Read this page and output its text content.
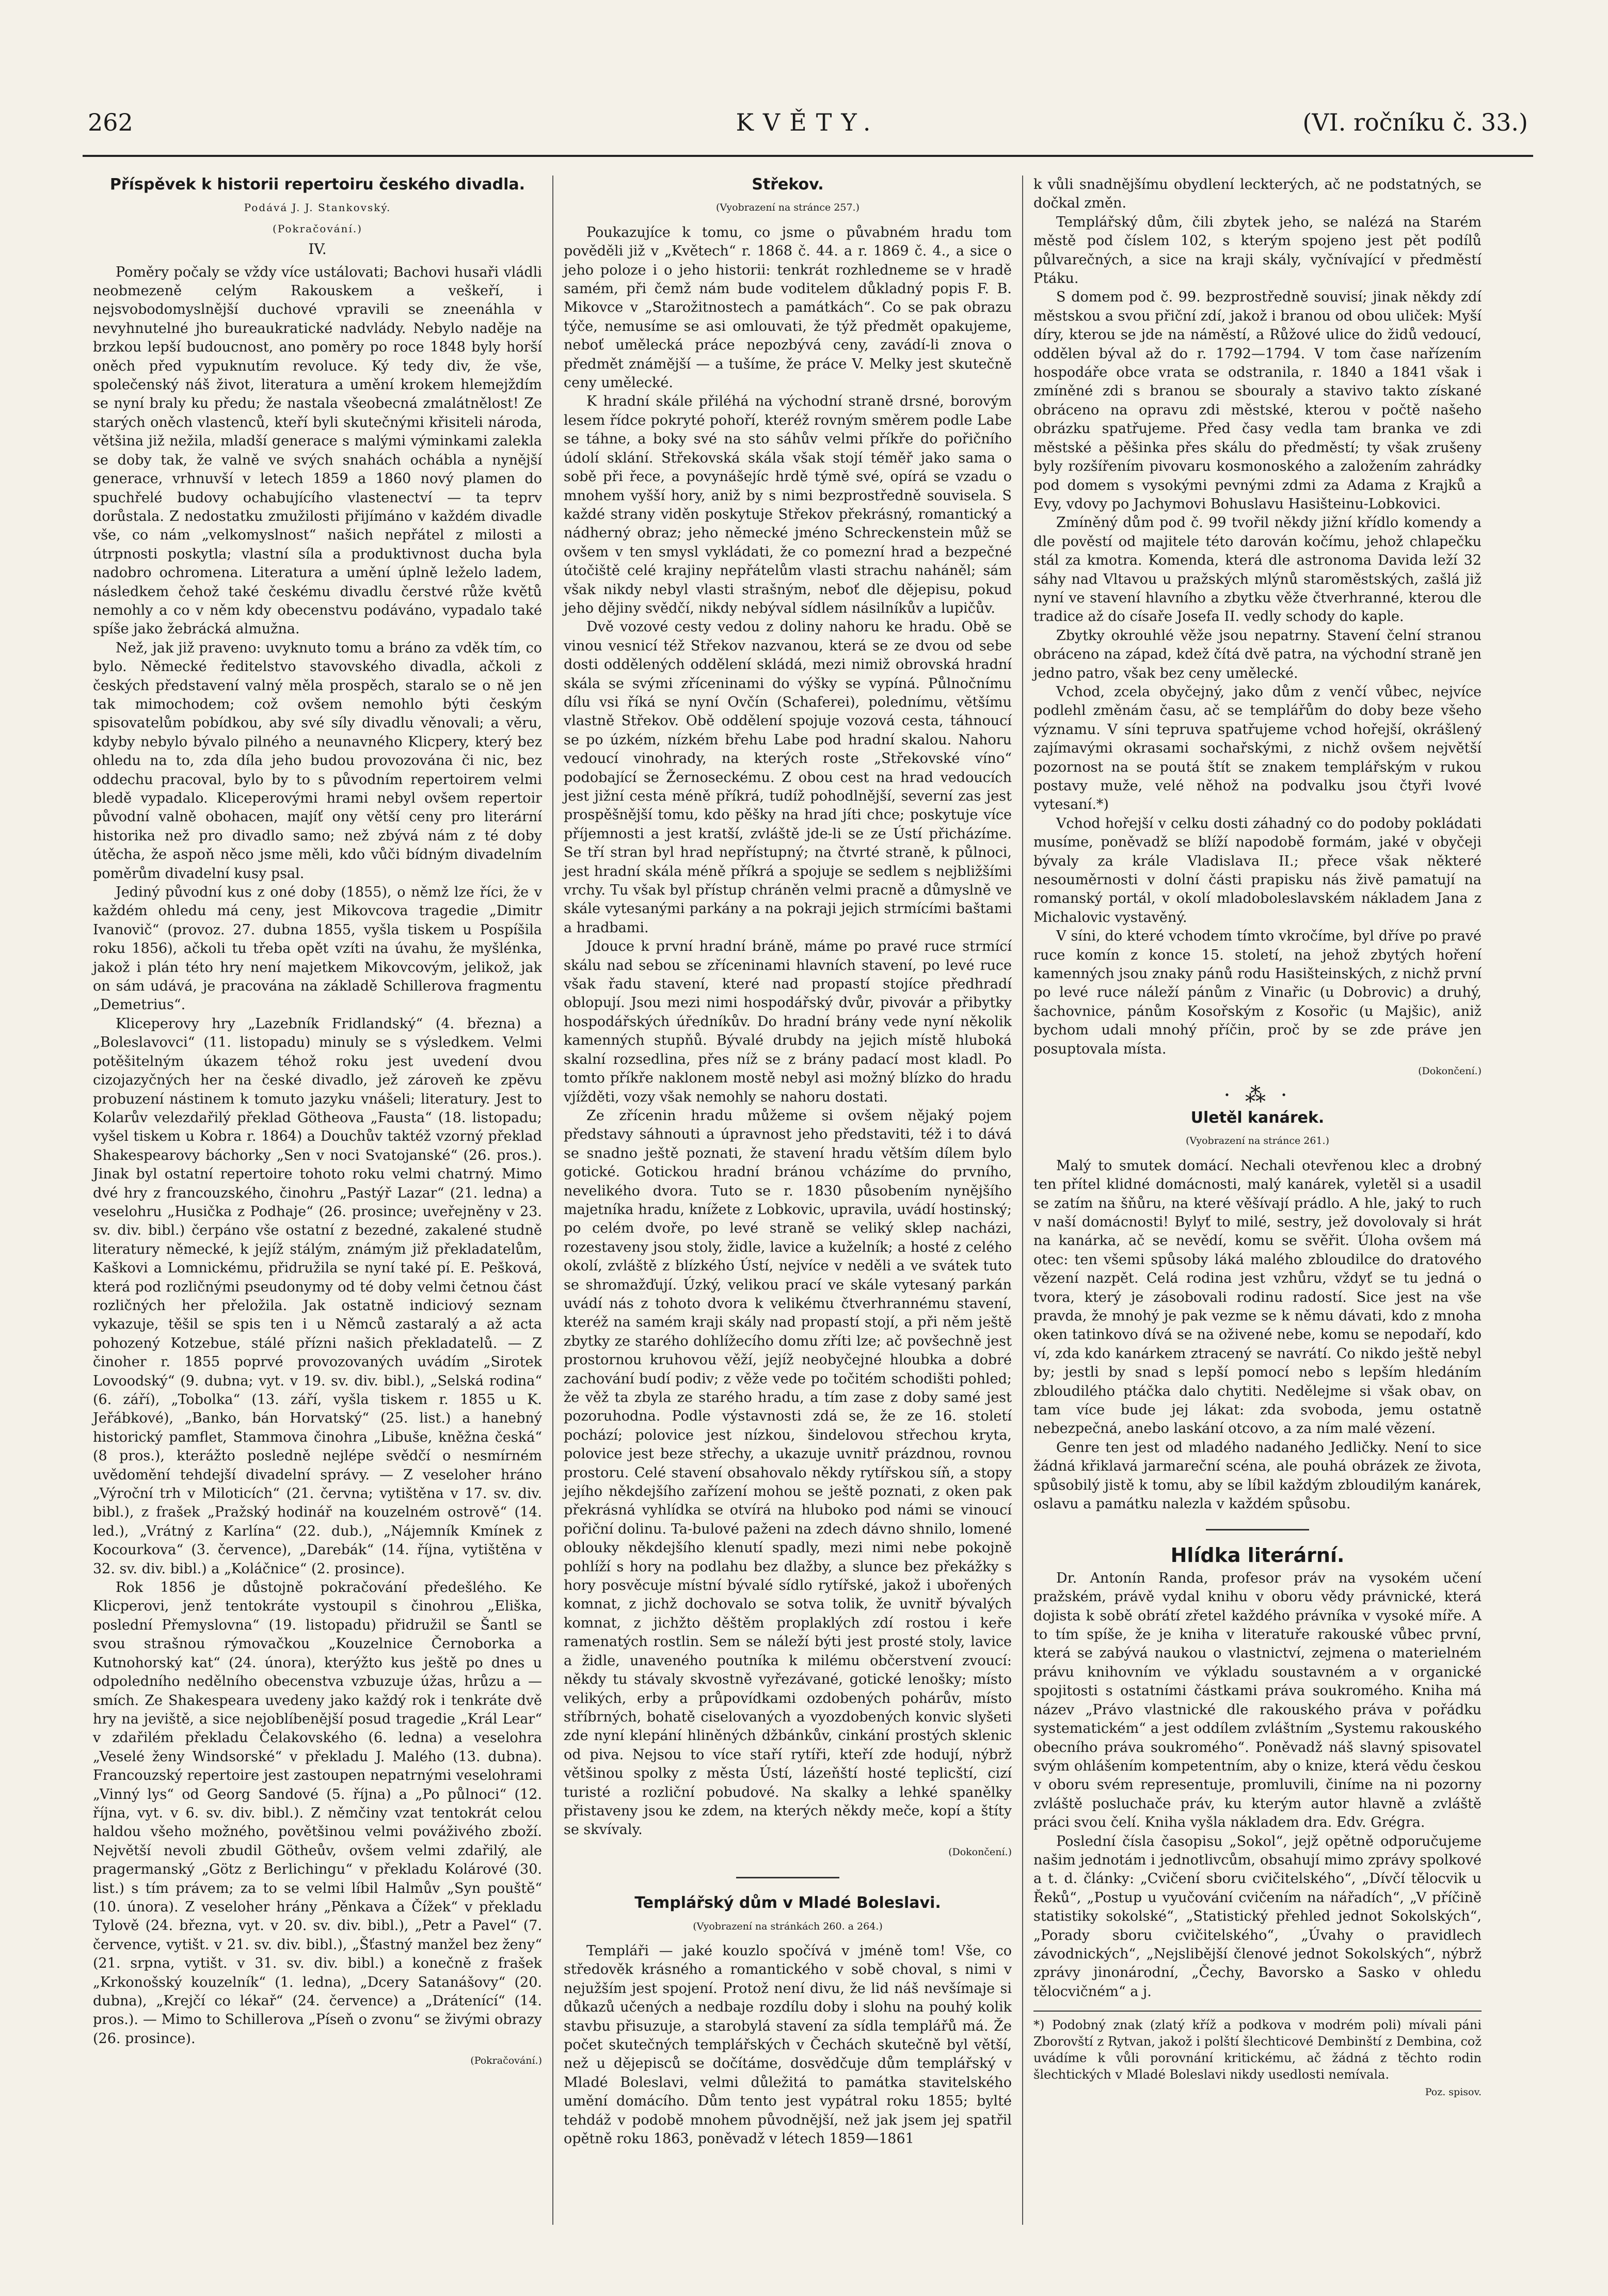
262	KVĚTY.	(VI. ročníku č. 33.)
Příspěvek k historii repertoiru českého divadla.
Podává J. J. Stankovský.
(Pokračování.)
IV.

Poměry počaly se vždy více ustálovati; Bachovi husaři vládli neobmezeně celým Rakouskem a veškeří, i nejsvobodomyslnější duchové vpravili se zneenáhla v nevyhnutelné jho bureaukratické nadvlády. Nebylo naděje na brzkou lepší budoucnost, ano poměry po roce 1848 byly horší oněch před vypuknutím revoluce. Ký tedy div, že vše, společenský náš život, literatura a umění krokem hlemejždím se nyní braly ku předu; že nastala všeobecná zmalátnělost! Ze starých oněch vlastenců, kteří byli skutečnými křisiteli národa, většina již nežila, mladší generace s malými výminkami zalekla se doby tak, že valně ve svých snahách ochábla a nynější generace, vrhnuvší v letech 1859 a 1860 nový plamen do spuchřelé budovy ochabujícího vlastenectví — ta teprv dorůstala. Z nedostatku zmužilosti přijímáno v každém divadle vše, co nám „velkomyslnost“ našich nepřátel z milosti a útrpnosti poskytla; vlastní síla a produktivnost ducha byla nadobro ochromena. Literatura a umění úplně leželo ladem, následkem čehož také českému divadlu čerstvé růže květů nemohly a co v něm kdy obecenstvu podáváno, vypadalo také spíše jako žebrácká almužna.

Než, jak již praveno: uvyknuto tomu a bráno za vděk tím, co bylo. Německé ředitelstvo stavovského divadla, ačkoli z českých představení valný měla prospěch, staralo se o ně jen tak mimochodem; což ovšem nemohlo býti českým spisovatelům pobídkou, aby své síly divadlu věnovali; a věru, kdyby nebylo bývalo pilného a neunavného Klicpery, který bez ohledu na to, zda díla jeho budou provozována či nic, bez oddechu pracoval, bylo by to s původním repertoirem velmi bledě vypadalo. Kliceperovými hrami nebyl ovšem repertoir původní valně obohacen, majíť ony větší ceny pro literární historika než pro divadlo samo; než zbývá nám z té doby útěcha, že aspoň něco jsme měli, kdo vůči bídným divadelním poměrům divadelní kusy psal.

Jediný původní kus z oné doby (1855), o němž lze říci, že v každém ohledu má ceny, jest Mikovcova tragedie „Dimitr Ivanovič“ (provoz. 27. dubna 1855, vyšla tiskem u Pospíšila roku 1856), ačkoli tu třeba opět vzíti na úvahu, že myšlénka, jakož i plán této hry není majetkem Mikovcovým, jelikož, jak on sám udává, je pracována na základě Schillerova fragmentu „Demetrius“.

Kliceperovy hry „Lazebník Fridlandský“ (4. března) a „Boleslavovci“ (11. listopadu) minuly se s výsledkem. Velmi potěšitelným úkazem téhož roku jest uvedení dvou cizojazyčných her na české divadlo, jež zároveň ke zpěvu probuzení nástinem k tomuto jazyku vnášeli; literatury. Jest to Kolarův velezdařilý překlad Götheova „Fausta“ (18. listopadu; vyšel tiskem u Kobra r. 1864) a Douchův taktéž vzorný překlad Shakespearovy báchorky „Sen v noci Svatojanské“ (26. pros.). Jinak byl ostatní repertoire tohoto roku velmi chatrný. Mimo dvé hry z francouzského, činohru „Pastýř Lazar“ (21. ledna) a veselohru „Husička z Podhaje“ (26. prosince; uveřejněny v 23. sv. div. bibl.) čerpáno vše ostatní z bezedné, zakalené studně literatury německé, k jejíž stálým, známým již překladatelům, Kaškovi a Lomnickému, přidružila se nyní také pí. E. Pešková, která pod rozličnými pseudonymy od té doby velmi četnou část rozličných her přeložila. Jak ostatně indiciový seznam vykazuje, těšil se spis ten i u Němců zastaralý a až acta pohozený Kotzebue, stálé přízni našich překladatelů. — Z činoher r. 1855 poprvé provozovaných uvádím „Sirotek Lovoodský“ (9. dubna; vyt. v 19. sv. div. bibl.), „Selská rodina“ (6. září), „Tobolka“ (13. září, vyšla tiskem r. 1855 u K. Jeřábkové), „Banko, bán Horvatský“ (25. list.) a hanebný historický pamflet, Stammova činohra „Libuše, kněžna česká“ (8 pros.), kterážto posledně nejlépe svědčí o nesmírném uvědomění tehdejší divadelní správy. — Z veseloher hráno „Výroční trh v Miloticích“ (21. června; vytištěna v 17. sv. div. bibl.), z frašek „Pražský hodinář na kouzelném ostrově“ (14. led.), „Vrátný z Karlína“ (22. dub.), „Nájemník Kmínek z Kocourkova“ (3. července), „Darebák“ (14. října, vytištěna v 32. sv. div. bibl.) a „Koláčnice“ (2. prosince).

Rok 1856 je důstojně pokračování předešlého. Ke Klicperovi, jenž tentokráte vystoupil s činohrou „Eliška, poslední Přemyslovna“ (19. listopadu) přidružil se Šantl se svou strašnou rýmovačkou „Kouzelnice Černoborka a Kutnohorský kat“ (24. února), kterýžto kus ještě po dnes u odpoledního nedělního obecenstva vzbuzuje úžas, hrůzu a — smích. Ze Shakespeara uvedeny jako každý rok i tenkráte dvě hry na jeviště, a sice nejoblíbenější posud tragedie „Král Lear“ v zdařilém překladu Čelakovského (6. ledna) a veselohra „Veselé ženy Windsorské“ v překladu J. Malého (13. dubna). Francouzský repertoire jest zastoupen nepatrnými veselohrami „Vinný lys“ od Georg Sandové (5. října) a „Po půlnoci“ (12. října, vyt. v 6. sv. div. bibl.). Z němčiny vzat tentokrát celou haldou všeho možného, povětšinou velmi pováživého zboží. Největší nevoli zbudil Götheův, ovšem velmi zdařilý, ale pragermanský „Götz z Berlichingu“ v překladu Kolárové (30. list.) s tím právem; za to se velmi líbil Halmův „Syn pouště“ (10. února). Z veseloher hrány „Pěnkava a Čížek“ v překladu Tylově (24. března, vyt. v 20. sv. div. bibl.), „Petr a Pavel“ (7. července, vytišt. v 21. sv. div. bibl.), „Šťastný manžel bez ženy“ (21. srpna, vytišt. v 31. sv. div. bibl.) a konečně z frašek „Krkonošský kouzelník“ (1. ledna), „Dcery Satanášovy“ (20. dubna), „Krejčí co lékař“ (24. července) a „Drátenící“ (14. pros.). — Mimo to Schillerova „Píseň o zvonu“ se živými obrazy (26. prosince).

(Pokračování.)
Střekov.
(Vyobrazení na stránce 257.)

Poukazujíce k tomu, co jsme o půvabném hradu tom pověděli již v „Květech“ r. 1868 č. 44. a r. 1869 č. 4., a sice o jeho poloze i o jeho historii: tenkrát rozhledneme se v hradě samém, při čemž nám bude voditelem důkladný popis F. B. Mikovce v „Starožitnostech a památkách“. Co se pak obrazu týče, nemusíme se asi omlouvati, že týž předmět opakujeme, neboť umělecká práce nepozbývá ceny, zavádí-li znova o předmět známější — a tušíme, že práce V. Melky jest skutečně ceny umělecké.

K hradní skále přiléhá na východní straně drsné, borovým lesem řídce pokryté pohoří, kteréž rovným směrem podle Labe se táhne, a boky své na sto sáhův velmi příkře do pořičního údolí sklání. Střekovská skála však stojí téměř jako sama o sobě při řece, a povynášejíc hrdě týmě své, opírá se vzadu o mnohem vyšší hory, aniž by s nimi bezprostředně souvisela. S každé strany viděn poskytuje Střekov překrásný, romantický a nádherný obraz; jeho německé jméno Schreckenstein můž se ovšem v ten smysl vykládati, že co pomezní hrad a bezpečné útočiště celé krajiny nepřátelům vlasti strachu naháněl; sám však nikdy nebyl vlasti strašným, neboť dle dějepisu, pokud jeho dějiny svědčí, nikdy nebýval sídlem násilníkův a lupičův.

Dvě vozové cesty vedou z doliny nahoru ke hradu. Obě se vinou vesnicí též Střekov nazvanou, která se ze dvou od sebe dosti oddělených oddělení skládá, mezi nimiž obrovská hradní skála se svými zříceninami do výšky se vypíná. Půlnočnímu dílu vsi říká se nyní Ovčín (Schaferei), polednímu, většímu vlastně Střekov. Obě oddělení spojuje vozová cesta, táhnoucí se po úzkém, nízkém břehu Labe pod hradní skalou. Nahoru vedoucí vinohrady, na kterých roste „Střekovské víno“ podobající se Žernoseckému. Z obou cest na hrad vedoucích jest jižní cesta méně příkrá, tudíž pohodlnější, severní zas jest prospěšnější tomu, kdo pěšky na hrad jíti chce; poskytuje více příjemnosti a jest kratší, zvláště jde-li se ze Ústí přicházíme. Se tří stran byl hrad nepřístupný; na čtvrté straně, k půlnoci, jest hradní skála méně příkrá a spojuje se sedlem s nejbližšími vrchy. Tu však byl přístup chráněn velmi pracně a důmyslně ve skále vytesanými parkány a na pokraji jejich strmícími baštami a hradbami.

Jdouce k první hradní bráně, máme po pravé ruce strmící skálu nad sebou se zříceninami hlavních stavení, po levé ruce však řadu stavení, které nad propastí stojíce předhradí oblopují. Jsou mezi nimi hospodářský dvůr, pivovár a přibytky hospodářských úředníkův. Do hradní brány vede nyní několik kamenných stupňů. Bývalé drubdy na jejich místě hluboká skalní rozsedlina, přes níž se z brány padací most kladl. Po tomto příkře naklonem mostě nebyl asi možný blízko do hradu vjížděti, vozy však nemohly se nahoru dostati.

Ze zřícenin hradu můžeme si ovšem nějaký pojem představy sáhnouti a úpravnost jeho představiti, též i to dává se snadno ještě poznati, že stavení hradu větším dílem bylo gotické. Gotickou hradní bránou vcházíme do prvního, nevelikého dvora. Tuto se r. 1830 působením nynějšího majetníka hradu, knížete z Lobkovic, upravila, uvádí hostinský; po celém dvoře, po levé straně se veliký sklep nacházi, rozestaveny jsou stoly, židle, lavice a kuželník; a hosté z celého okolí, zvláště z blízkého Ústí, nejvíce v neděli a ve svátek tuto se shromažďují. Úzký, velikou prací ve skále vytesaný parkán uvádí nás z tohoto dvora k velikému čtverhrannému stavení, kteréž na samém kraji skály nad propastí stojí, a při něm ještě zbytky ze starého dohlížecího domu zříti lze; ač povšechně jest prostornou kruhovou věží, jejíž neobyčejné hloubka a dobré zachování budí podiv; z věže vede po točitém schodišti pohled; že věž ta zbyla ze starého hradu, a tím zase z doby samé jest pozoruhodna. Podle výstavnosti zdá se, že ze 16. století pochází; polovice jest nízkou, šindelovou střechou kryta, polovice jest beze střechy, a ukazuje uvnitř prázdnou, rovnou prostoru. Celé stavení obsahovalo někdy rytířskou síň, a stopy jejího někdejšího zařízení mohou se ještě poznati, z oken pak překrásná vyhlídka se otvírá na hluboko pod námi se vinoucí pořiční dolinu. Ta-bulové paženi na zdech dávno shnilo, lomené oblouky někdejšího klenutí spadly, mezi nimi nebe pokojně pohlíží s hory na podlahu bez dlažby, a slunce bez překážky s hory posvěcuje místní bývalé sídlo rytířské, jakož i ubořených komnat, z jichž dochovalo se sotva tolik, že uvnitř bývalých komnat, z jichžto děštěm proplaklých zdí rostou i keře ramenatých rostlin. Sem se náleží býti jest prosté stoly, lavice a židle, unaveného poutníka k milému občerstvení zvoucí: někdy tu stávaly skvostně vyřezávané, gotické lenošky; místo velikých, erby a průpovídkami ozdobených pohárův, místo stříbrných, bohatě ciselovaných a vyozdobených konvic slyšeti zde nyní klepání hliněných džbánkův, cinkání prostých sklenic od piva. Nejsou to více staří rytíři, kteří zde hodují, nýbrž většinou spolky z města Ústí, lázeňští hosté teplicští, cizí turisté a rozliční pobudové. Na skalky a lehké spanělky přistaveny jsou ke zdem, na kterých někdy meče, kopí a štíty se skvívaly.

(Dokončení.)
Templářský dům v Mladé Boleslavi.
(Vyobrazení na stránkách 260. a 264.)

Templáři — jaké kouzlo spočívá v jméně tom! Vše, co středověk krásného a romantického v sobě choval, s nimi v nejužším jest spojení. Protož není divu, že lid náš nevšímaje si důkazů učených a nedbaje rozdílu doby i slohu na pouhý kolik stavbu přisuzuje, a starobylá stavení za sídla templářů má. Že počet skutečných templářských v Čechách skutečně byl větší, než u dějepisců se dočítáme, dosvědčuje dům templářský v Mladé Boleslavi, velmi důležitá to památka stavitelského umění domácího. Dům tento jest vypátral roku 1855; bylté tehdáž v podobě mnohem původnější, než jak jsem jej spatřil opětně roku 1863, poněvadž v létech 1859—1861

k vůli snadnějšímu obydlení leckterých, ač ne podstatných, se dočkal změn.

Templářský dům, čili zbytek jeho, se nalézá na Starém městě pod číslem 102, s kterým spojeno jest pět podílů půlvarečných, a sice na kraji skály, vyčnívající v předměstí Ptáku.

S domem pod č. 99. bezprostředně souvisí; jinak někdy zdí městskou a svou přiční zdí, jakož i branou od obou uliček: Myší díry, kterou se jde na náměstí, a Růžové ulice do židů vedoucí, oddělen býval až do r. 1792—1794. V tom čase nařízením hospodáře obce vrata se odstranila, r. 1840 a 1841 však i zmíněné zdi s branou se sbouraly a stavivo takto získané obráceno na opravu zdi městské, kterou v počtě našeho obrázku spatřujeme. Před časy vedla tam branka ve zdi městské a pěšinka přes skálu do předměstí; ty však zrušeny byly rozšířením pivovaru kosmonoského a založením zahrádky pod domem s vysokými pevnými zdmi za Adama z Krajků a Evy, vdovy po Jachymovi Bohuslavu Hasišteinu-Lobkovici.

Zmíněný dům pod č. 99 tvořil někdy jižní křídlo komendy a dle pověstí od majitele této darován kočímu, jehož chlapečku stál za kmotra. Komenda, která dle astronoma Davida leží 32 sáhy nad Vltavou u pražských mlýnů staroměstských, zašlá již nyní ve stavení hlavního a zbytku věže čtverhranné, kterou dle tradice až do císaře Josefa II. vedly schody do kaple.

Zbytky okrouhlé věže jsou nepatrny. Stavení čelní stranou obráceno na západ, kdež čítá dvě patra, na východní straně jen jedno patro, však bez ceny umělecké.

Vchod, zcela obyčejný, jako dům z venčí vůbec, nejvíce podlehl změnám času, ač se templářům do doby beze všeho významu. V síni tepruva spatřujeme vchod hořejší, okrášlený zajímavými okrasami sochařskými, z nichž ovšem největší pozornost na se poutá štít se znakem templářským v rukou postavy muže, velé něhož na podvalku jsou čtyři lvové vytesaní.*)

Vchod hořejší v celku dosti záhadný co do podoby pokládati musíme, poněvadž se blíží napodobě formám, jaké v obyčeji bývaly za krále Vladislava II.; přece však některé nesouměrnosti v dolní části prapisku nás živě pamatují na romanský portál, v okolí mladoboleslavském nákladem Jana z Michalovic vystavěný.

V síni, do které vchodem tímto vkročíme, byl dříve po pravé ruce komín z konce 15. století, na jehož zbytých hoření kamenných jsou znaky pánů rodu Hasišteinských, z nichž první po levé ruce náleží pánům z Vinařic (u Dobrovic) a druhý, šachovnice, pánům Kosořským z Kosořic (u Majšic), aniž bychom udali mnohý příčin, proč by se zde práve jen posuptovala místa.

(Dokončení.)
· ⁂ ·
Uletěl kanárek.
(Vyobrazení na stránce 261.)

Malý to smutek domácí. Nechali otevřenou klec a drobný ten přítel klidné domácnosti, malý kanárek, vyletěl si a usadil se zatím na šňůru, na které věšívají prádlo. A hle, jaký to ruch v naší domácnosti! Bylyť to milé, sestry, jež dovolovaly si hrát na kanárka, ač se nevědí, komu se svěřit. Úloha ovšem má otec: ten všemi spůsoby láká malého zbloudilce do dratového vězení nazpět. Celá rodina jest vzhůru, vždyť se tu jedná o tvora, který je zásobovali rodinu radostí. Sice jest na vše pravda, že mnohý je pak vezme se k němu dávati, kdo z mnoha oken tatinkovo dívá se na oživené nebe, komu se nepodaří, kdo ví, zda kdo kanárkem ztracený se navrátí. Co nikdo ještě nebyl by; jestli by snad s lepší pomocí nebo s lepším hledáním zbloudilého ptáčka dalo chytiti. Nedělejme si však obav, on tam více bude jej lákat: zda svoboda, jemu ostatně nebezpečná, anebo laskání otcovo, a za ním malé vězení.

Genre ten jest od mladého nadaného Jedličky. Není to sice žádná křiklavá jarmareční scéna, ale pouhá obrázek ze života, spůsobilý jistě k tomu, aby se líbil každým zbloudilým kanárek, oslavu a památku nalezla v každém spůsobu.

Hlídka literární.

Dr. Antonín Randa, profesor práv na vysokém učení pražském, právě vydal knihu v oboru vědy právnické, která dojista k sobě obrátí zřetel každého právníka v vysoké míře. A to tím spíše, že je kniha v literatuře rakouské vůbec první, která se zabývá naukou o vlastnictví, zejmena o materielném právu knihovním ve výkladu soustavném a v organické spojitosti s ostatními částkami práva soukromého. Kniha má název „Právo vlastnické dle rakouského práva v pořádku systematickém“ a jest oddílem zvláštním „Systemu rakouského obecního práva soukromého“. Poněvadž náš slavný spisovatel svým ohlášením kompetentním, aby o knize, která vědu českou v oboru svém representuje, promluvili, činíme na ni pozorny zvláště posluchače práv, ku kterým autor hlavně a zvláště práci svou čelí. Kniha vyšla nákladem dra. Edv. Grégra.

Poslední čísla časopisu „Sokol“, jejž opětně odporučujeme našim jednotám i jednotlivcům, obsahují mimo zprávy spolkové a t. d. články: „Cvičení sboru cvičitelského“, „Dívčí tělocvik u Řeků“, „Postup u vyučování cvičením na nářadích“, „V příčině statistiky sokolské“, „Statistický přehled jednot Sokolských“, „Porady sboru cvičitelského“, „Úvahy o pravidlech závodnických“, „Nejslibější členové jednot Sokolských“, nýbrž zprávy jinonárodní, „Čechy, Bavorsko a Sasko v ohledu tělocvičném“ a j.

*) Podobný znak (zlatý kříž a podkova v modrém poli) mívali páni Zborovští z Rytvan, jakož i polští šlechticové Dembinští z Dembina, což uvádíme k vůli porovnání kritickému, ač žádná z těchto rodin šlechtických v Mladé Boleslavi nikdy usedlosti nemívala.
Poz. spisov.
